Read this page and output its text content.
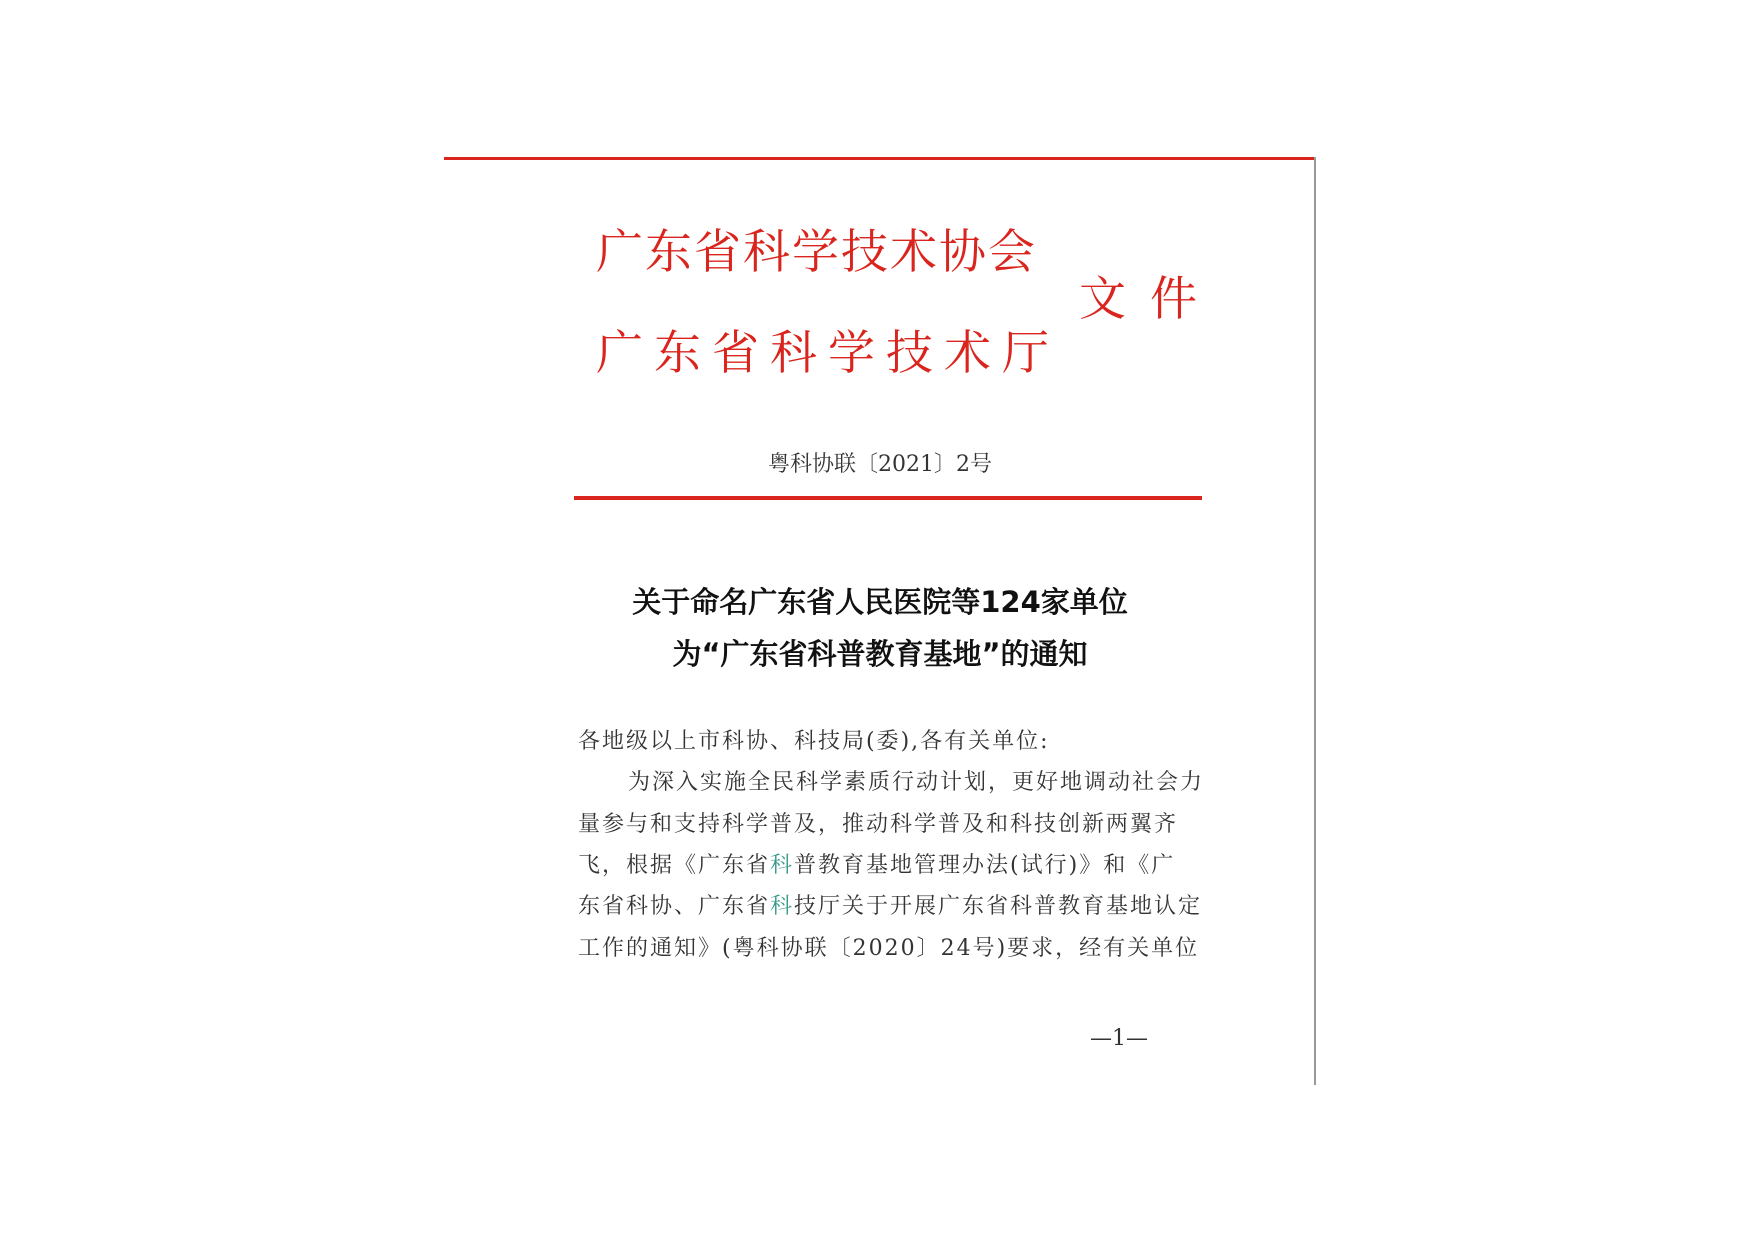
广东省科学技术协会
广东省科学技术厅
文件
粤科协联〔2021〕2号
关于命名广东省人民医院等124家单位
为“广东省科普教育基地”的通知
各地级以上市科协、科技局(委),各有关单位:
为深入实施全民科学素质行动计划，更好地调动社会力
量参与和支持科学普及，推动科学普及和科技创新两翼齐
飞，根据《广东省科普教育基地管理办法(试行)》和《广
东省科协、广东省科技厅关于开展广东省科普教育基地认定
工作的通知》(粤科协联〔2020〕24号)要求，经有关单位
—1—
